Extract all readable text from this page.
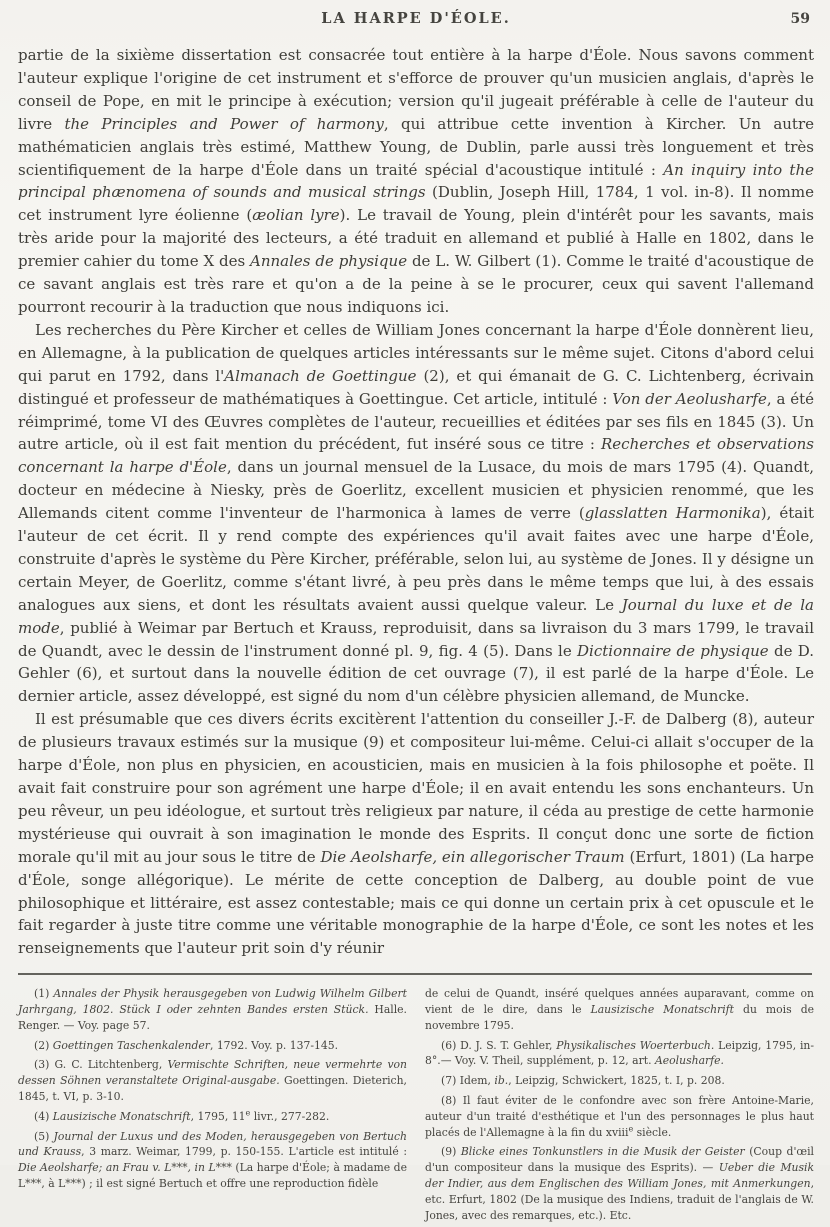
LA HARPE D'ÉOLE.	59

partie de la sixième dissertation est consacrée tout entière à la harpe d'Éole. Nous savons comment l'auteur explique l'origine de cet instrument et s'efforce de prouver qu'un musicien anglais, d'après le conseil de Pope, en mit le principe à exécution; version qu'il jugeait préférable à celle de l'auteur du livre the Principles and Power of harmony, qui attribue cette invention à Kircher. Un autre mathématicien anglais très estimé, Matthew Young, de Dublin, parle aussi très longuement et très scientifiquement de la harpe d'Éole dans un traité spécial d'acoustique intitulé : An inquiry into the principal phænomena of sounds and musical strings (Dublin, Joseph Hill, 1784, 1 vol. in-8). Il nomme cet instrument lyre éolienne (æolian lyre). Le travail de Young, plein d'intérêt pour les savants, mais très aride pour la majorité des lecteurs, a été traduit en allemand et publié à Halle en 1802, dans le premier cahier du tome X des Annales de physique de L. W. Gilbert (1). Comme le traité d'acoustique de ce savant anglais est très rare et qu'on a de la peine à se le procurer, ceux qui savent l'allemand pourront recourir à la traduction que nous indiquons ici.

Les recherches du Père Kircher et celles de William Jones concernant la harpe d'Éole donnèrent lieu, en Allemagne, à la publication de quelques articles intéressants sur le même sujet. Citons d'abord celui qui parut en 1792, dans l'Almanach de Goettingue (2), et qui émanait de G. C. Lichtenberg, écrivain distingué et professeur de mathématiques à Goettingue. Cet article, intitulé : Von der Aeolusharfe, a été réimprimé, tome VI des Œuvres complètes de l'auteur, recueillies et éditées par ses fils en 1845 (3). Un autre article, où il est fait mention du précédent, fut inséré sous ce titre : Recherches et observations concernant la harpe d'Éole, dans un journal mensuel de la Lusace, du mois de mars 1795 (4). Quandt, docteur en médecine à Niesky, près de Goerlitz, excellent musicien et physicien renommé, que les Allemands citent comme l'inventeur de l'harmonica à lames de verre (glasslatten Harmonika), était l'auteur de cet écrit. Il y rend compte des expériences qu'il avait faites avec une harpe d'Éole, construite d'après le système du Père Kircher, préférable, selon lui, au système de Jones. Il y désigne un certain Meyer, de Goerlitz, comme s'étant livré, à peu près dans le même temps que lui, à des essais analogues aux siens, et dont les résultats avaient aussi quelque valeur. Le Journal du luxe et de la mode, publié à Weimar par Bertuch et Krauss, reproduisit, dans sa livraison du 3 mars 1799, le travail de Quandt, avec le dessin de l'instrument donné pl. 9, fig. 4 (5). Dans le Dictionnaire de physique de D. Gehler (6), et surtout dans la nouvelle édition de cet ouvrage (7), il est parlé de la harpe d'Éole. Le dernier article, assez développé, est signé du nom d'un célèbre physicien allemand, de Muncke.

Il est présumable que ces divers écrits excitèrent l'attention du conseiller J.-F. de Dalberg (8), auteur de plusieurs travaux estimés sur la musique (9) et compositeur lui-même. Celui-ci allait s'occuper de la harpe d'Éole, non plus en physicien, en acousticien, mais en musicien à la fois philosophe et poëte. Il avait fait construire pour son agrément une harpe d'Éole; il en avait entendu les sons enchanteurs. Un peu rêveur, un peu idéologue, et surtout très religieux par nature, il céda au prestige de cette harmonie mystérieuse qui ouvrait à son imagination le monde des Esprits. Il conçut donc une sorte de fiction morale qu'il mit au jour sous le titre de Die Aeolsharfe, ein allegorischer Traum (Erfurt, 1801) (La harpe d'Éole, songe allégorique). Le mérite de cette conception de Dalberg, au double point de vue philosophique et littéraire, est assez contestable; mais ce qui donne un certain prix à cet opuscule et le fait regarder à juste titre comme une véritable monographie de la harpe d'Éole, ce sont les notes et les renseignements que l'auteur prit soin d'y réunir

(1) Annales der Physik herausgegeben von Ludwig Wilhelm Gilbert Jarhrgang, 1802. Stück I oder zehnten Bandes ersten Stück. Halle. Renger. — Voy. page 57.

(2) Goettingen Taschenkalender, 1792. Voy. p. 137-145.

(3) G. C. Litchtenberg, Vermischte Schriften, neue vermehrte von dessen Söhnen veranstaltete Original-ausgabe. Goettingen. Dieterich, 1845, t. VI, p. 3-10.

(4) Lausizische Monatschrift, 1795, 11e livr., 277-282.

(5) Journal der Luxus und des Moden, herausgegeben von Bertuch und Krauss, 3 marz. Weimar, 1799, p. 150-155. L'article est intitulé : Die Aeolsharfe; an Frau v. L***, in L*** (La harpe d'Éole; à madame de L***, à L***) ; il est signé Bertuch et offre une reproduction fidèle

de celui de Quandt, inséré quelques années auparavant, comme on vient de le dire, dans le Lausizische Monatschrift du mois de novembre 1795.

(6) D. J. S. T. Gehler, Physikalisches Woerterbuch. Leipzig, 1795, in-8°.— Voy. V. Theil, supplément, p. 12, art. Aeolusharfe.

(7) Idem, ib., Leipzig, Schwickert, 1825, t. I, p. 208.

(8) Il faut éviter de le confondre avec son frère Antoine-Marie, auteur d'un traité d'esthétique et l'un des personnages le plus haut placés de l'Allemagne à la fin du xviii$^e$ siècle.

(9) Blicke eines Tonkunstlers in die Musik der Geister (Coup d'œil d'un compositeur dans la musique des Esprits). — Ueber die Musik der Indier, aus dem Englischen des William Jones, mit Anmerkungen, etc. Erfurt, 1802 (De la musique des Indiens, traduit de l'anglais de W. Jones, avec des remarques, etc.). Etc.
